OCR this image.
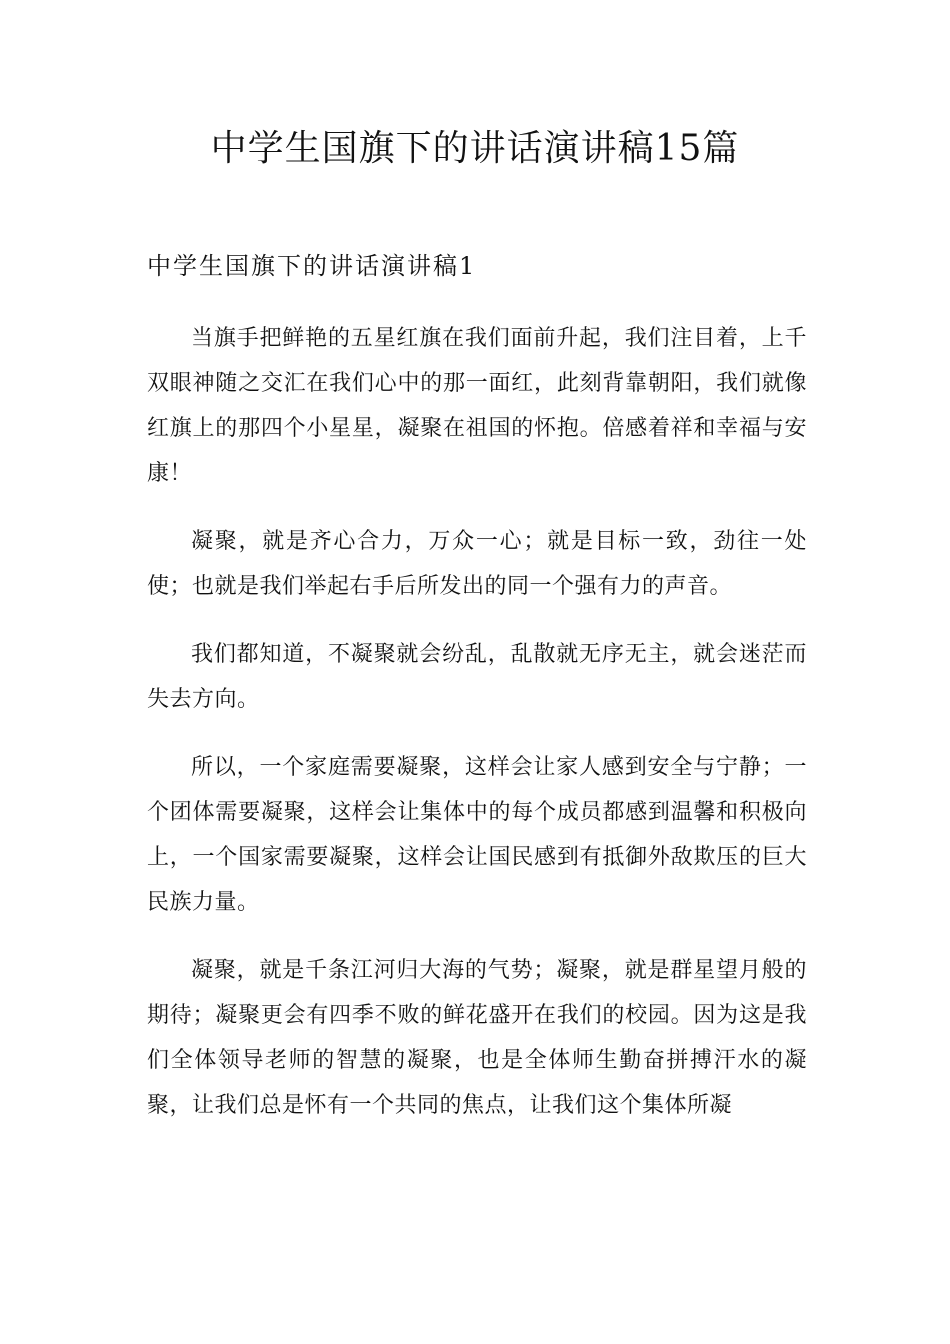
中学生国旗下的讲话演讲稿15篇
中学生国旗下的讲话演讲稿1

当旗手把鲜艳的五星红旗在我们面前升起，我们注目着，上千双眼神随之交汇在我们心中的那一面红，此刻背靠朝阳，我们就像红旗上的那四个小星星，凝聚在祖国的怀抱。倍感着祥和幸福与安康！

凝聚，就是齐心合力，万众一心；就是目标一致，劲往一处使；也就是我们举起右手后所发出的同一个强有力的声音。

我们都知道，不凝聚就会纷乱，乱散就无序无主，就会迷茫而失去方向。

所以，一个家庭需要凝聚，这样会让家人感到安全与宁静；一个团体需要凝聚，这样会让集体中的每个成员都感到温馨和积极向上，一个国家需要凝聚，这样会让国民感到有抵御外敌欺压的巨大民族力量。

凝聚，就是千条江河归大海的气势；凝聚，就是群星望月般的期待；凝聚更会有四季不败的鲜花盛开在我们的校园。因为这是我们全体领导老师的智慧的凝聚，也是全体师生勤奋拼搏汗水的凝聚，让我们总是怀有一个共同的焦点，让我们这个集体所凝
